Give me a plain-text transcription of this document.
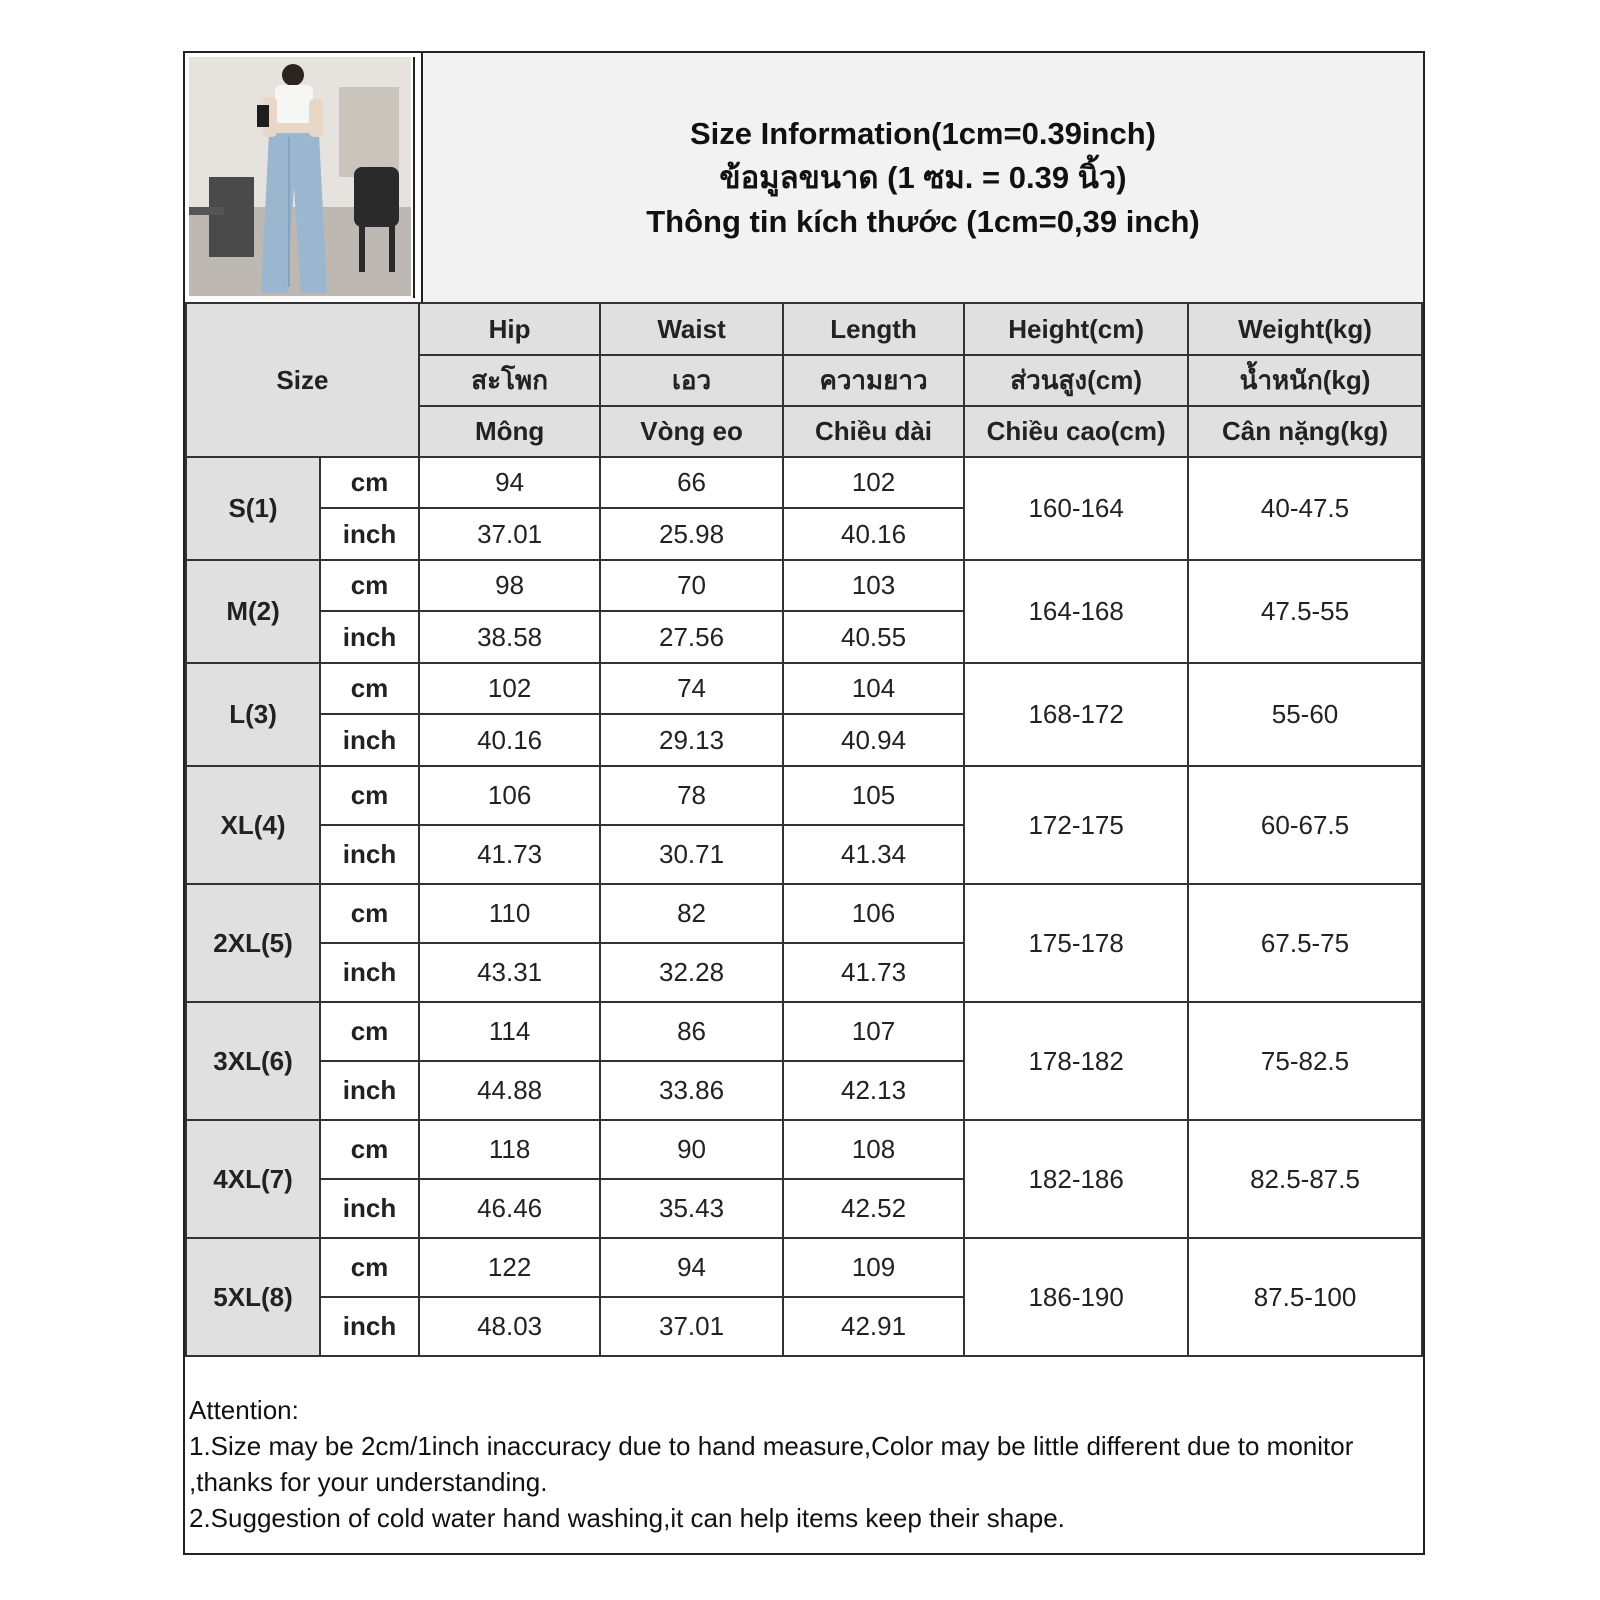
Size Information(1cm=0.39inch)
ข้อมูลขนาด (1 ซม. = 0.39 นิ้ว)
Thông tin kích thước (1cm=0,39 inch)
Size		Hip	Waist	Length	Height(cm)	Weight(kg)
		สะโพก	เอว	ความยาว	ส่วนสูง(cm)	น้ำหนัก(kg)
		Mông	Vòng eo	Chiều dài	Chiều cao(cm)	Cân nặng(kg)
S(1)	cm	94	66	102	160-164	40-47.5
	inch	37.01	25.98	40.16		
M(2)	cm	98	70	103	164-168	47.5-55
	inch	38.58	27.56	40.55		
L(3)	cm	102	74	104	168-172	55-60
	inch	40.16	29.13	40.94		
XL(4)	cm	106	78	105	172-175	60-67.5
	inch	41.73	30.71	41.34		
2XL(5)	cm	110	82	106	175-178	67.5-75
	inch	43.31	32.28	41.73		
3XL(6)	cm	114	86	107	178-182	75-82.5
	inch	44.88	33.86	42.13		
4XL(7)	cm	118	90	108	182-186	82.5-87.5
	inch	46.46	35.43	42.52		
5XL(8)	cm	122	94	109	186-190	87.5-100
	inch	48.03	37.01	42.91		
Attention:
1.Size may be 2cm/1inch inaccuracy due to hand measure,Color may be little different due to monitor
,thanks for your understanding.
2.Suggestion of cold water hand washing,it can help items keep their shape.
